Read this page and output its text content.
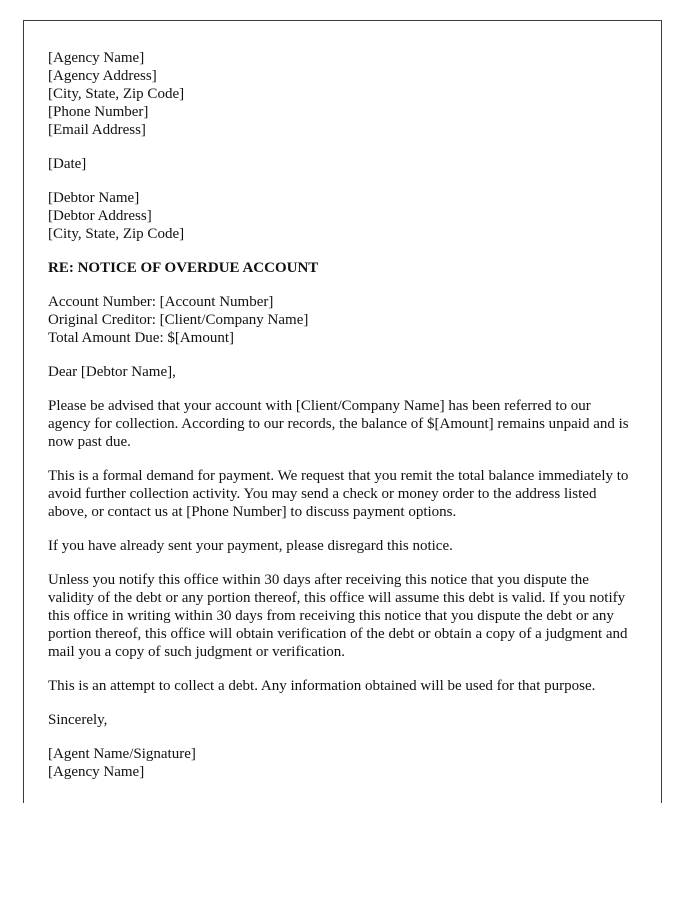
[Agency Name]
[Agency Address]
[City, State, Zip Code]
[Phone Number]
[Email Address]
[Date]
[Debtor Name]
[Debtor Address]
[City, State, Zip Code]
RE: NOTICE OF OVERDUE ACCOUNT
Account Number: [Account Number]
Original Creditor: [Client/Company Name]
Total Amount Due: $[Amount]
Dear [Debtor Name],
Please be advised that your account with [Client/Company Name] has been referred to our agency for collection. According to our records, the balance of $[Amount] remains unpaid and is now past due.
This is a formal demand for payment. We request that you remit the total balance immediately to avoid further collection activity. You may send a check or money order to the address listed above, or contact us at [Phone Number] to discuss payment options.
If you have already sent your payment, please disregard this notice.
Unless you notify this office within 30 days after receiving this notice that you dispute the validity of the debt or any portion thereof, this office will assume this debt is valid. If you notify this office in writing within 30 days from receiving this notice that you dispute the debt or any portion thereof, this office will obtain verification of the debt or obtain a copy of a judgment and mail you a copy of such judgment or verification.
This is an attempt to collect a debt. Any information obtained will be used for that purpose.
Sincerely,
[Agent Name/Signature]
[Agency Name]
